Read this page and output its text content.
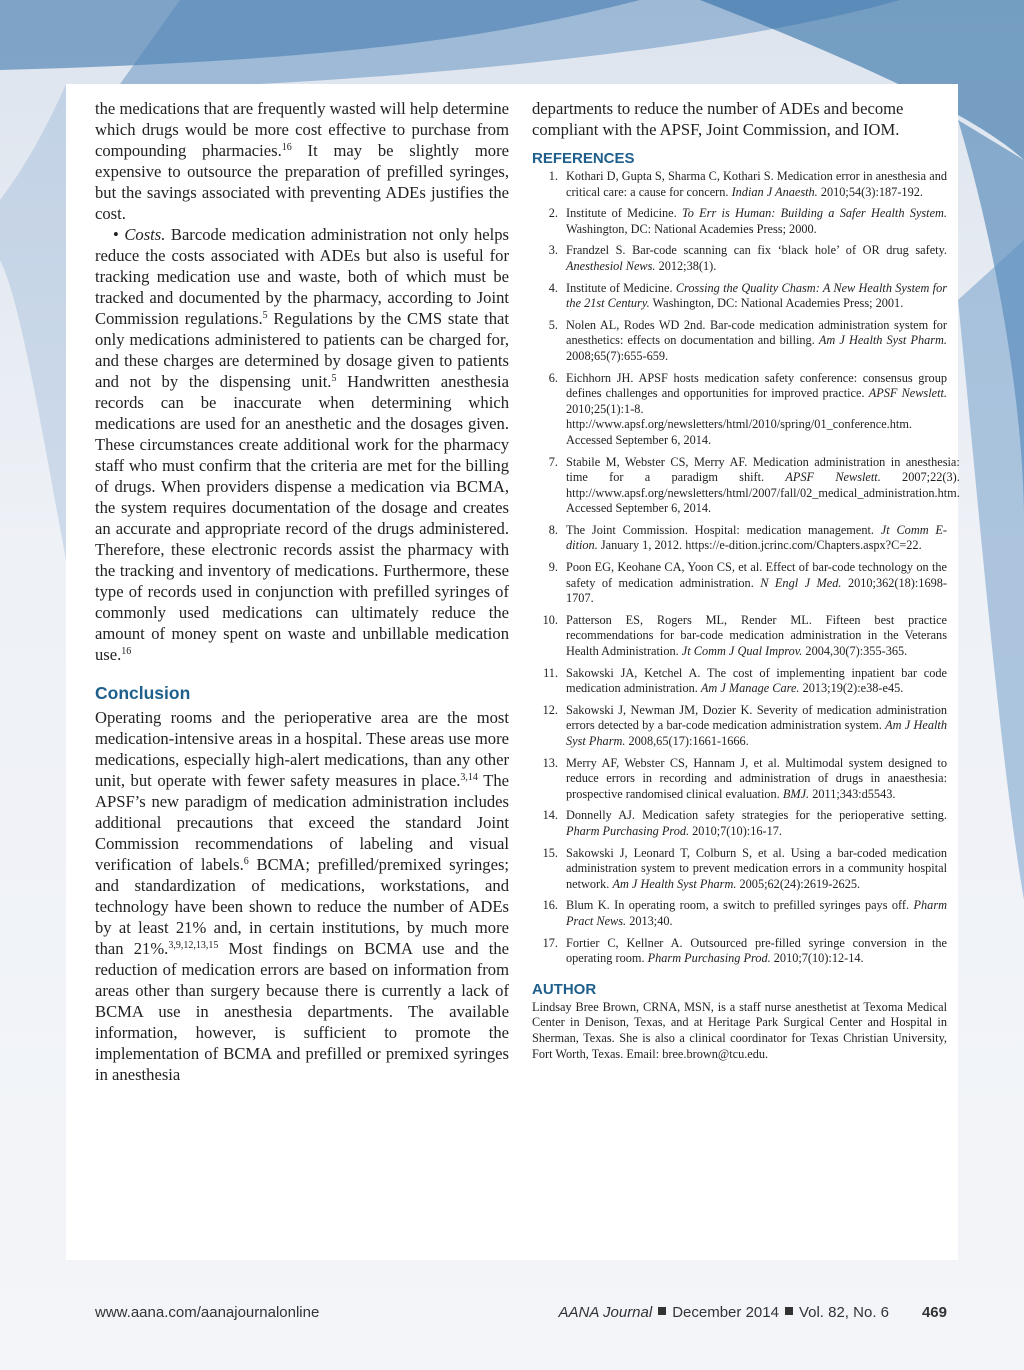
the medications that are frequently wasted will help determine which drugs would be more cost effective to purchase from compounding pharmacies.$^{16}$ It may be slightly more expensive to outsource the preparation of prefilled syringes, but the savings associated with preventing ADEs justifies the cost.

• Costs. Barcode medication administration not only helps reduce the costs associated with ADEs but also is useful for tracking medication use and waste, both of which must be tracked and documented by the pharmacy, according to Joint Commission regulations.$^5$ Regulations by the CMS state that only medications administered to patients can be charged for, and these charges are determined by dosage given to patients and not by the dispensing unit.$^5$ Handwritten anesthesia records can be inaccurate when determining which medications are used for an anesthetic and the dosages given. These circumstances create additional work for the pharmacy staff who must confirm that the criteria are met for the billing of drugs. When providers dispense a medication via BCMA, the system requires documentation of the dosage and creates an accurate and appropriate record of the drugs administered. Therefore, these electronic records assist the pharmacy with the tracking and inventory of medications. Furthermore, these type of records used in conjunction with prefilled syringes of commonly used medications can ultimately reduce the amount of money spent on waste and unbillable medication use.$^{16}$

Conclusion

Operating rooms and the perioperative area are the most medication-intensive areas in a hospital. These areas use more medications, especially high-alert medications, than any other unit, but operate with fewer safety measures in place.$^{3,14}$ The APSF’s new paradigm of medication administration includes additional precautions that exceed the standard Joint Commission recommendations of labeling and visual verification of labels.$^6$ BCMA; prefilled/premixed syringes; and standardization of medications, workstations, and technology have been shown to reduce the number of ADEs by at least 21% and, in certain institutions, by much more than 21%.$^{3,9,12,13,15}$ Most findings on BCMA use and the reduction of medication errors are based on information from areas other than surgery because there is currently a lack of BCMA use in anesthesia departments. The available information, however, is sufficient to promote the implementation of BCMA and prefilled or premixed syringes in anesthesia

departments to reduce the number of ADEs and become compliant with the APSF, Joint Commission, and IOM.

REFERENCES
1. Kothari D, Gupta S, Sharma C, Kothari S. Medication error in anesthesia and critical care: a cause for concern. Indian J Anaesth. 2010;54(3):187-192.
2. Institute of Medicine. To Err is Human: Building a Safer Health System. Washington, DC: National Academies Press; 2000.
3. Frandzel S. Bar-code scanning can fix ‘black hole’ of OR drug safety. Anesthesiol News. 2012;38(1).
4. Institute of Medicine. Crossing the Quality Chasm: A New Health System for the 21st Century. Washington, DC: National Academies Press; 2001.
5. Nolen AL, Rodes WD 2nd. Bar-code medication administration system for anesthetics: effects on documentation and billing. Am J Health Syst Pharm. 2008;65(7):655-659.
6. Eichhorn JH. APSF hosts medication safety conference: consensus group defines challenges and opportunities for improved practice. APSF Newslett. 2010;25(1):1-8. http://www.apsf.org/newsletters/html/2010/spring/01_conference.htm. Accessed September 6, 2014.
7. Stabile M, Webster CS, Merry AF. Medication administration in anesthesia: time for a paradigm shift. APSF Newslett. 2007;22(3). http://www.apsf.org/newsletters/html/2007/fall/02_medical_administration.htm. Accessed September 6, 2014.
8. The Joint Commission. Hospital: medication management. Jt Comm E-dition. January 1, 2012. https://e-dition.jcrinc.com/Chapters.aspx?C=22.
9. Poon EG, Keohane CA, Yoon CS, et al. Effect of bar-code technology on the safety of medication administration. N Engl J Med. 2010;362(18):1698-1707.
10. Patterson ES, Rogers ML, Render ML. Fifteen best practice recommendations for bar-code medication administration in the Veterans Health Administration. Jt Comm J Qual Improv. 2004,30(7):355-365.
11. Sakowski JA, Ketchel A. The cost of implementing inpatient bar code medication administration. Am J Manage Care. 2013;19(2):e38-e45.
12. Sakowski J, Newman JM, Dozier K. Severity of medication administration errors detected by a bar-code medication administration system. Am J Health Syst Pharm. 2008,65(17):1661-1666.
13. Merry AF, Webster CS, Hannam J, et al. Multimodal system designed to reduce errors in recording and administration of drugs in anaesthesia: prospective randomised clinical evaluation. BMJ. 2011;343:d5543.
14. Donnelly AJ. Medication safety strategies for the perioperative setting. Pharm Purchasing Prod. 2010;7(10):16-17.
15. Sakowski J, Leonard T, Colburn S, et al. Using a bar-coded medication administration system to prevent medication errors in a community hospital network. Am J Health Syst Pharm. 2005;62(24):2619-2625.
16. Blum K. In operating room, a switch to prefilled syringes pays off. Pharm Pract News. 2013;40.
17. Fortier C, Kellner A. Outsourced pre-filled syringe conversion in the operating room. Pharm Purchasing Prod. 2010;7(10):12-14.
AUTHOR

Lindsay Bree Brown, CRNA, MSN, is a staff nurse anesthetist at Texoma Medical Center in Denison, Texas, and at Heritage Park Surgical Center and Hospital in Sherman, Texas. She is also a clinical coordinator for Texas Christian University, Fort Worth, Texas. Email: bree.brown@tcu.edu.

www.aana.com/aanajournalonline	AANA Journal December 2014 Vol. 82, No. 6 469
